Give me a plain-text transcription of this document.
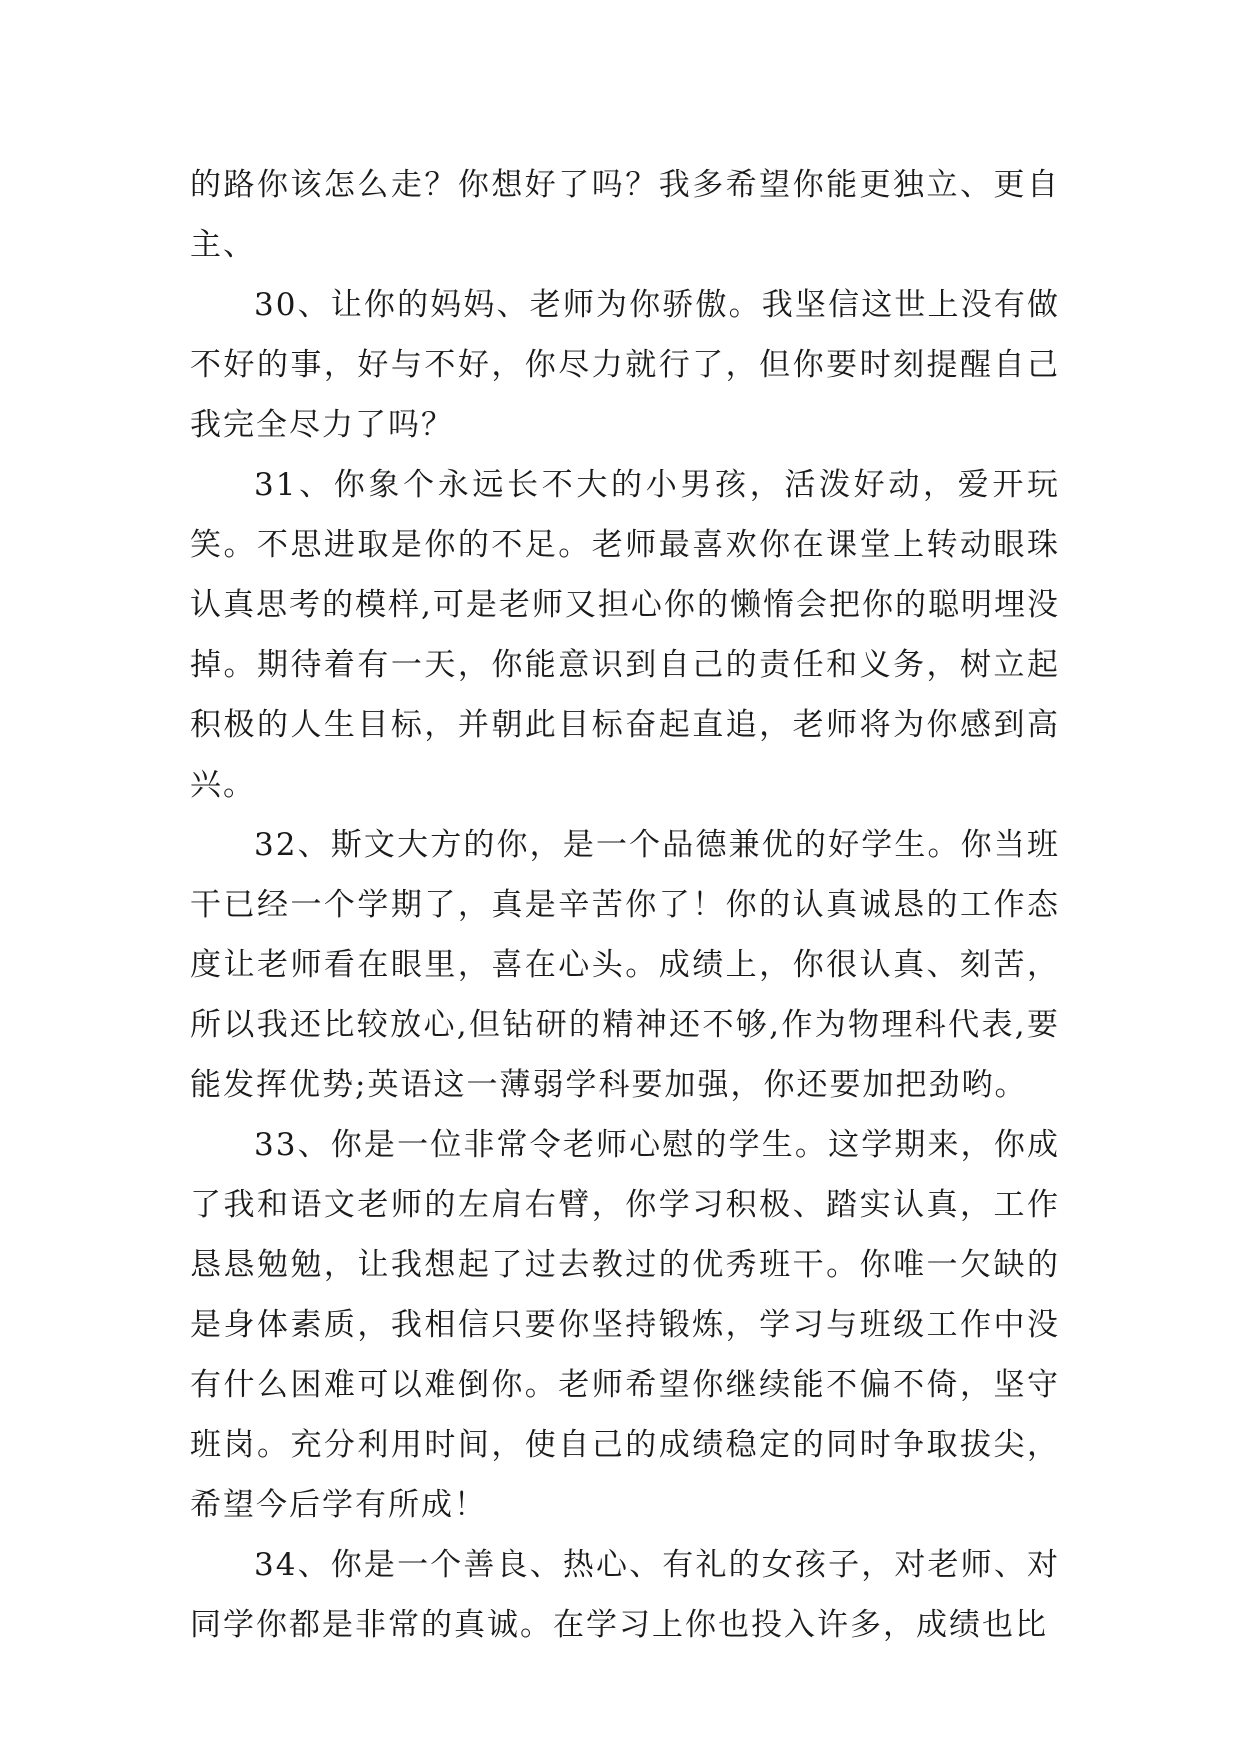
的路你该怎么走？你想好了吗？我多希望你能更独立、更自主、

30、让你的妈妈、老师为你骄傲。我坚信这世上没有做不好的事，好与不好，你尽力就行了，但你要时刻提醒自己我完全尽力了吗？

31、你象个永远长不大的小男孩，活泼好动，爱开玩笑。不思进取是你的不足。老师最喜欢你在课堂上转动眼珠认真思考的模样,可是老师又担心你的懒惰会把你的聪明埋没掉。期待着有一天，你能意识到自己的责任和义务，树立起积极的人生目标，并朝此目标奋起直追，老师将为你感到高兴。

32、斯文大方的你，是一个品德兼优的好学生。你当班干已经一个学期了，真是辛苦你了！你的认真诚恳的工作态度让老师看在眼里，喜在心头。成绩上，你很认真、刻苦，所以我还比较放心,但钻研的精神还不够,作为物理科代表,要能发挥优势;英语这一薄弱学科要加强，你还要加把劲哟。

33、你是一位非常令老师心慰的学生。这学期来，你成了我和语文老师的左肩右臂，你学习积极、踏实认真，工作恳恳勉勉，让我想起了过去教过的优秀班干。你唯一欠缺的是身体素质，我相信只要你坚持锻炼，学习与班级工作中没有什么困难可以难倒你。老师希望你继续能不偏不倚，坚守班岗。充分利用时间，使自己的成绩稳定的同时争取拔尖，希望今后学有所成！

34、你是一个善良、热心、有礼的女孩子，对老师、对同学你都是非常的真诚。在学习上你也投入许多，成绩也比
